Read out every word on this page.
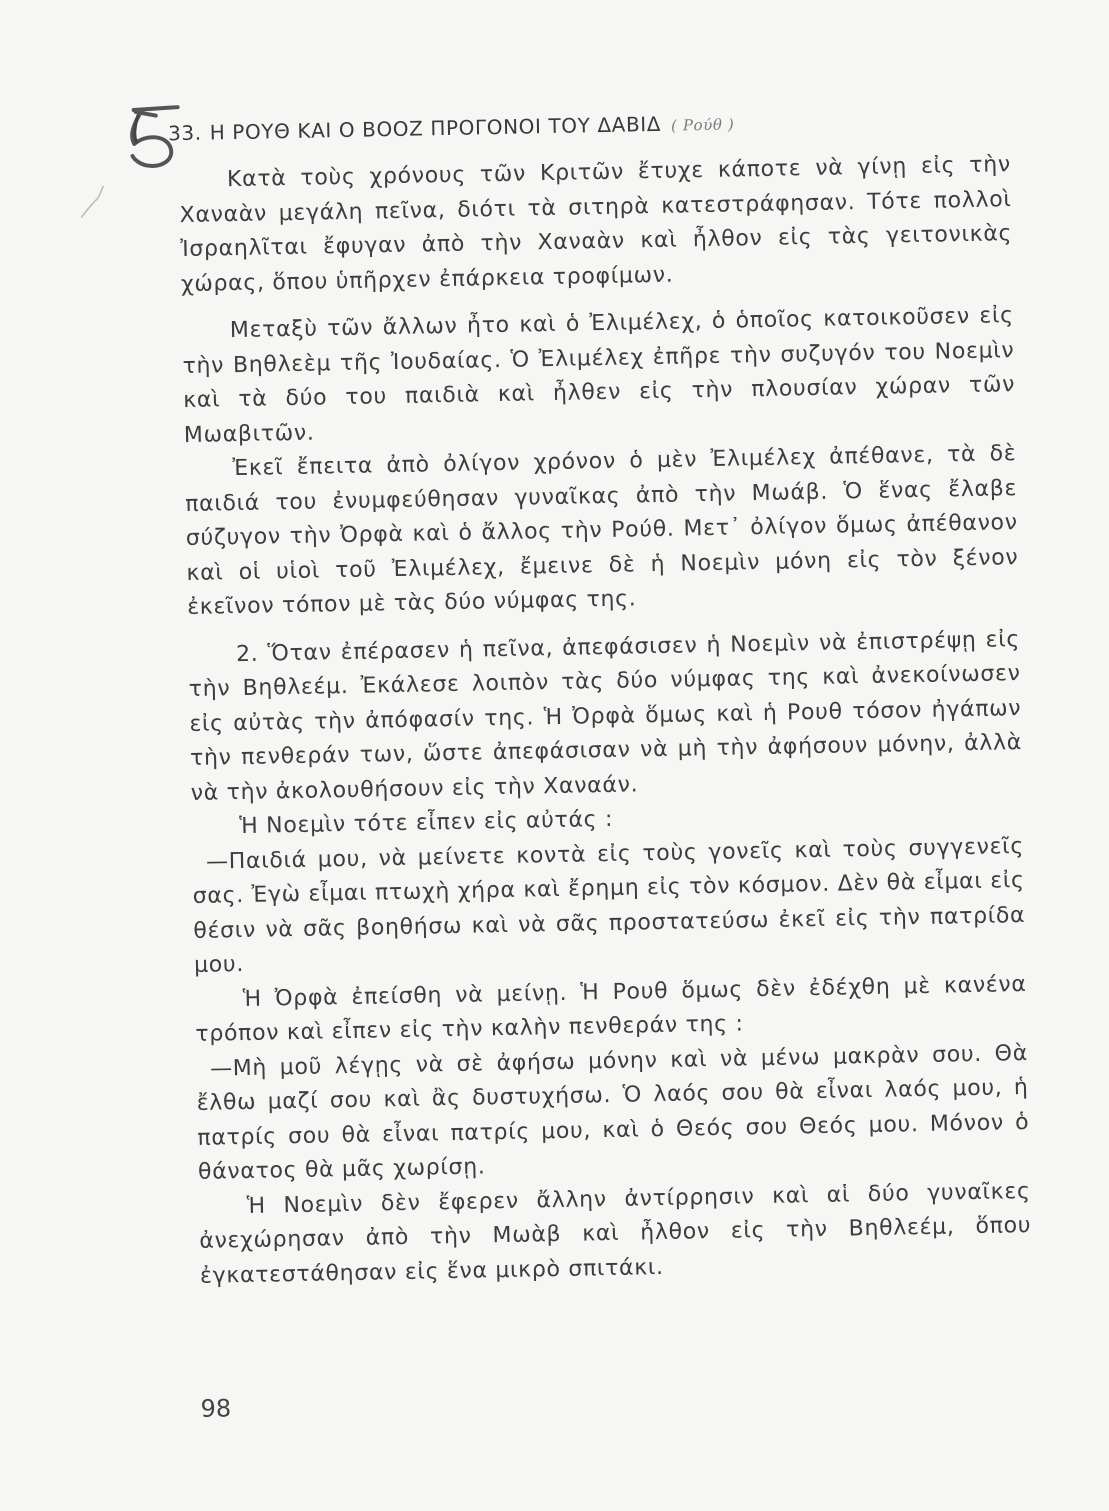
33. Η ΡΟΥΘ ΚΑΙ Ο ΒΟΟΖ ΠΡΟΓΟΝΟΙ ΤΟΥ ΔΑΒΙΔ ( Ρούθ )

Κατὰ τοὺς χρόνους τῶν Κριτῶν ἔτυχε κάποτε νὰ γίνῃ εἰς τὴν Χαναὰν μεγάλη πεῖνα, διότι τὰ σιτηρὰ κατεστράφησαν. Τότε πολλοὶ Ἰσραηλῖται ἔφυγαν ἀπὸ τὴν Χαναὰν καὶ ἦλθον εἰς τὰς γειτονικὰς χώρας, ὅπου ὑπῆρχεν ἐπάρκεια τροφίμων.

Μεταξὺ τῶν ἄλλων ἦτο καὶ ὁ Ἐλιμέλεχ, ὁ ὁποῖος κατοικοῦσεν εἰς τὴν Βηθλεὲμ τῆς Ἰουδαίας. Ὁ Ἐλιμέλεχ ἐπῆρε τὴν συζυγόν του Νοεμὶν καὶ τὰ δύο του παιδιὰ καὶ ἦλθεν εἰς τὴν πλουσίαν χώραν τῶν Μωαβιτῶν.

Ἐκεῖ ἔπειτα ἀπὸ ὀλίγον χρόνον ὁ μὲν Ἐλιμέλεχ ἀπέθανε, τὰ δὲ παιδιά του ἐνυμφεύθησαν γυναῖκας ἀπὸ τὴν Μωάβ. Ὁ ἕνας ἔλαβε σύζυγον τὴν Ὀρφὰ καὶ ὁ ἄλλος τὴν Ρούθ. Μετ᾽ ὀλίγον ὅμως ἀπέθανον καὶ οἱ υἱοὶ τοῦ Ἐλιμέλεχ, ἔμεινε δὲ ἡ Νοεμὶν μόνη εἰς τὸν ξένον ἐκεῖνον τόπον μὲ τὰς δύο νύμφας της.

2. Ὅταν ἐπέρασεν ἡ πεῖνα, ἀπεφάσισεν ἡ Νοεμὶν νὰ ἐπιστρέψῃ εἰς τὴν Βηθλεέμ. Ἐκάλεσε λοιπὸν τὰς δύο νύμφας της καὶ ἀνεκοίνωσεν εἰς αὐτὰς τὴν ἀπόφασίν της. Ἡ Ὀρφὰ ὅμως καὶ ἡ Ρουθ τόσον ἠγάπων τὴν πενθεράν των, ὥστε ἀπεφάσισαν νὰ μὴ τὴν ἀφήσουν μόνην, ἀλλὰ νὰ τὴν ἀκολουθήσουν εἰς τὴν Χαναάν.

Ἡ Νοεμὶν τότε εἶπεν εἰς αὐτάς :

—Παιδιά μου, νὰ μείνετε κοντὰ εἰς τοὺς γονεῖς καὶ τοὺς συγγενεῖς σας. Ἐγὼ εἶμαι πτωχὴ χήρα καὶ ἔρημη εἰς τὸν κόσμον. Δὲν θὰ εἶμαι εἰς θέσιν νὰ σᾶς βοηθήσω καὶ νὰ σᾶς προστατεύσω ἐκεῖ εἰς τὴν πατρίδα μου.

Ἡ Ὀρφὰ ἐπείσθη νὰ μείνῃ. Ἡ Ρουθ ὅμως δὲν ἐδέχθη μὲ κανένα τρόπον καὶ εἶπεν εἰς τὴν καλὴν πενθεράν της :

—Μὴ μοῦ λέγῃς νὰ σὲ ἀφήσω μόνην καὶ νὰ μένω μακρὰν σου. Θὰ ἔλθω μαζί σου καὶ ἂς δυστυχήσω. Ὁ λαός σου θὰ εἶναι λαός μου, ἡ πατρίς σου θὰ εἶναι πατρίς μου, καὶ ὁ Θεός σου Θεός μου. Μόνον ὁ θάνατος θὰ μᾶς χωρίσῃ.

Ἡ Νοεμὶν δὲν ἔφερεν ἄλλην ἀντίρρησιν καὶ αἱ δύο γυναῖκες ἀνεχώρησαν ἀπὸ τὴν Μωὰβ καὶ ἦλθον εἰς τὴν Βηθλεέμ, ὅπου ἐγκατεστάθησαν εἰς ἕνα μικρὸ σπιτάκι.

98
